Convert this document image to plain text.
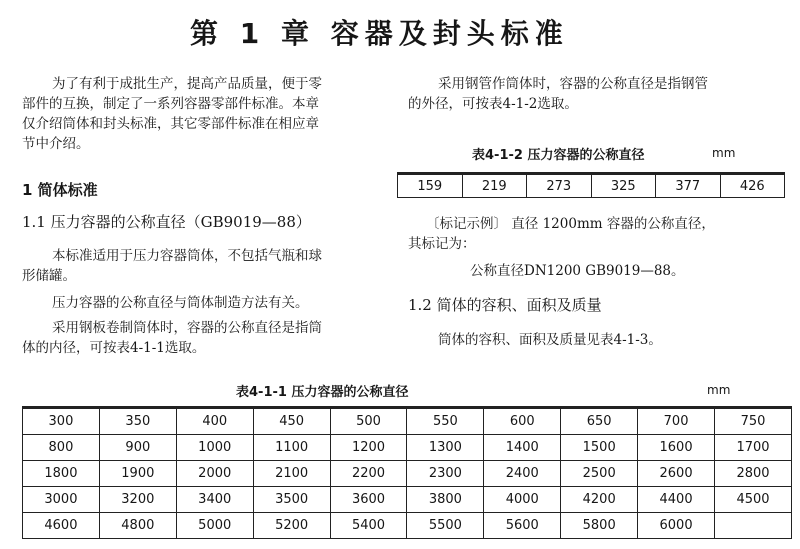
第 1 章 容器及封头标准
为了有利于成批生产，提高产品质量，便于零
部件的互换，制定了一系列容器零部件标准。本章
仅介绍筒体和封头标准，其它零部件标准在相应章
节中介绍。
1 简体标准
1.1 压力容器的公称直径（GB9019—88）
本标准适用于压力容器筒体，不包括气瓶和球
形储罐。
压力容器的公称直径与筒体制造方法有关。
采用钢板卷制筒体时，容器的公称直径是指筒
体的内径，可按表4-1-1选取。
采用钢管作筒体时，容器的公称直径是指钢管
的外径，可按表4-1-2选取。
表4-1-2 压力容器的公称直径	mm
159	219	273	325	377	426
〔标记示例〕 直径 1200mm 容器的公称直径，
其标记为：
公称直径DN1200 GB9019—88。
1.2 简体的容积、面积及质量
筒体的容积、面积及质量见表4-1-3。
表4-1-1 压力容器的公称直径	mm
300	350	400	450	500	550	600	650	700	750
800	900	1000	1100	1200	1300	1400	1500	1600	1700
1800	1900	2000	2100	2200	2300	2400	2500	2600	2800
3000	3200	3400	3500	3600	3800	4000	4200	4400	4500
4600	4800	5000	5200	5400	5500	5600	5800	6000	
